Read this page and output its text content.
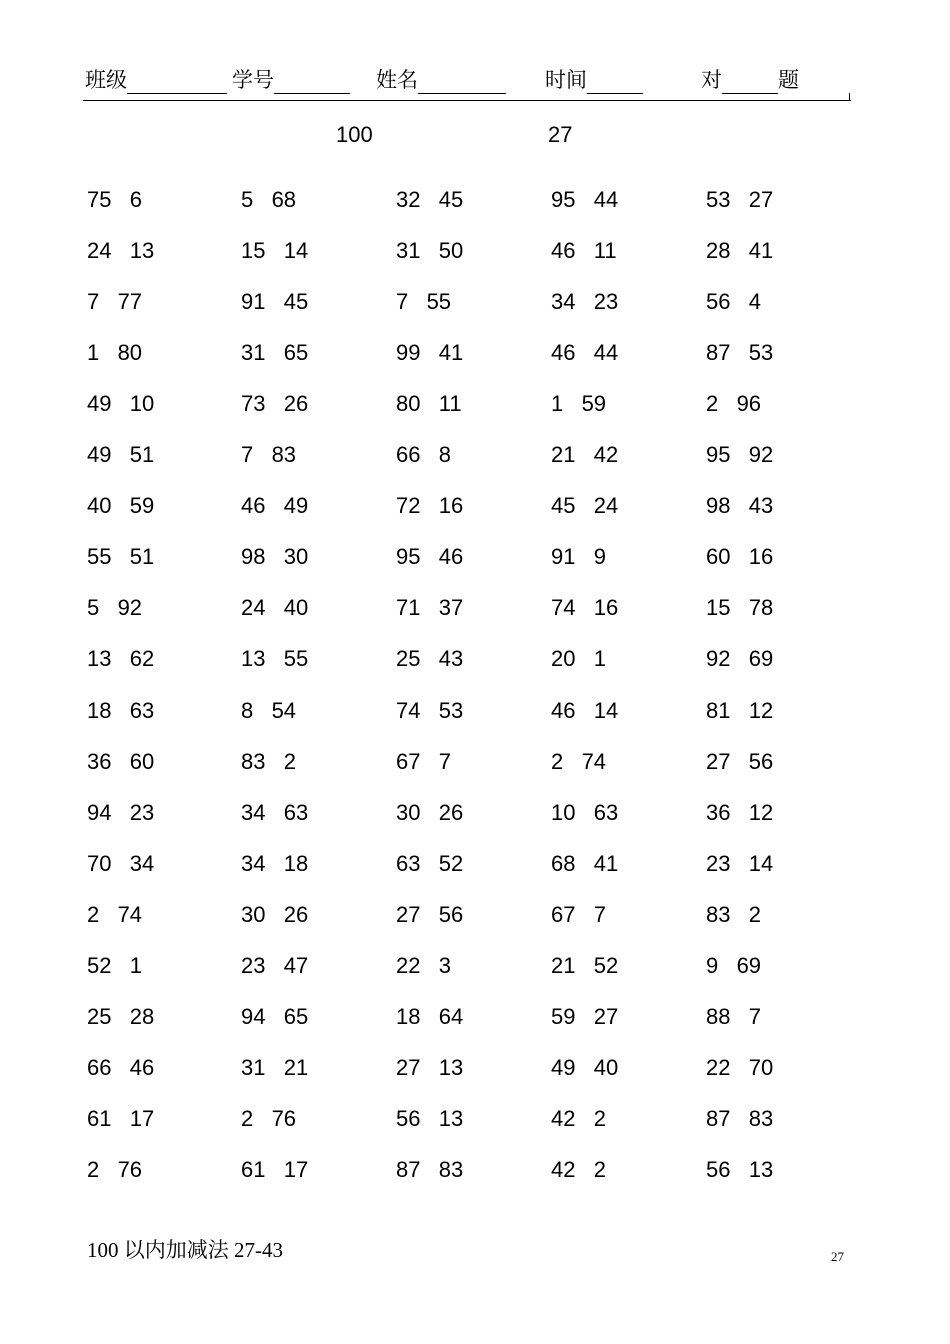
班级	学号	姓名	时间	对	题
100	27
75   6	5   68	32   45	95   44	53   27
24   13	15   14	31   50	46   11	28   41
7   77	91   45	7   55	34   23	56   4
1   80	31   65	99   41	46   44	87   53
49   10	73   26	80   11	1   59	2   96
49   51	7   83	66   8	21   42	95   92
40   59	46   49	72   16	45   24	98   43
55   51	98   30	95   46	91   9	60   16
5   92	24   40	71   37	74   16	15   78
13   62	13   55	25   43	20   1	92   69
18   63	8   54	74   53	46   14	81   12
36   60	83   2	67   7	2   74	27   56
94   23	34   63	30   26	10   63	36   12
70   34	34   18	63   52	68   41	23   14
2   74	30   26	27   56	67   7	83   2
52   1	23   47	22   3	21   52	9   69
25   28	94   65	18   64	59   27	88   7
66   46	31   21	27   13	49   40	22   70
61   17	2   76	56   13	42   2	87   83
2   76	61   17	87   83	42   2	56   13
100 以内加减法 27-43	27
